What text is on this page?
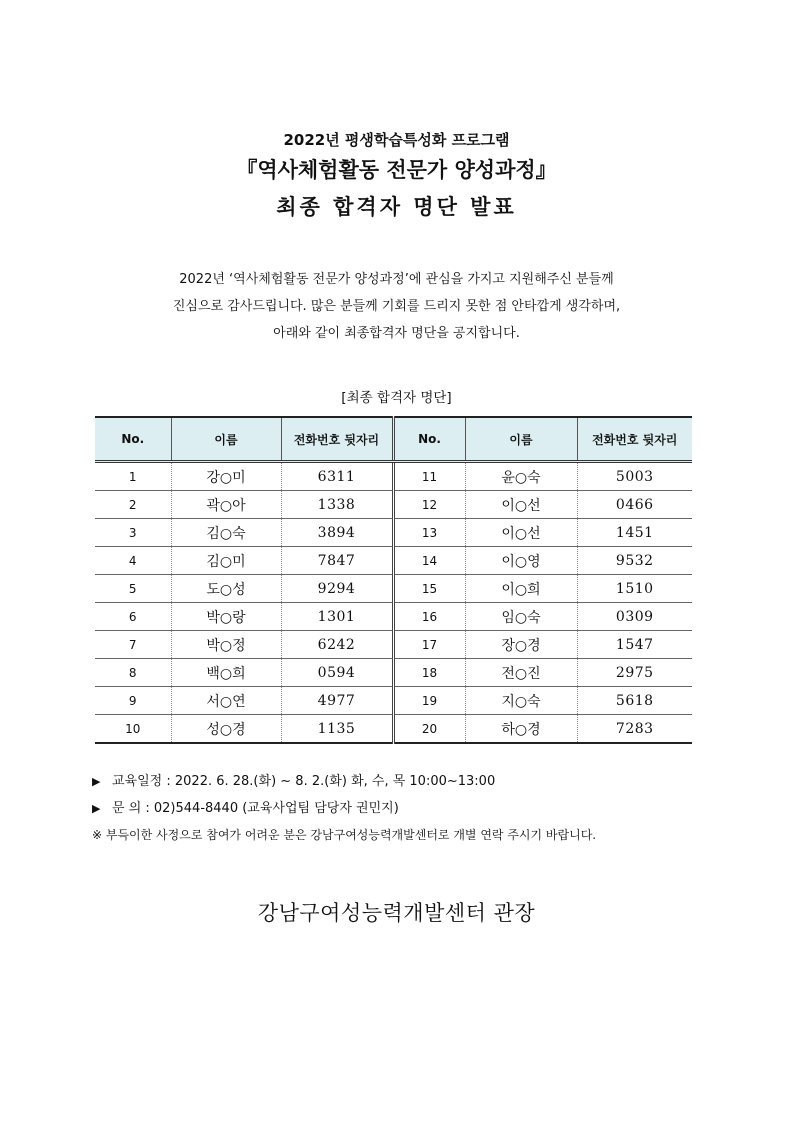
2022년 평생학습특성화 프로그램
『역사체험활동 전문가 양성과정』
최종 합격자 명단 발표
2022년 ‘역사체험활동 전문가 양성과정’에 관심을 가지고 지원해주신 분들께
진심으로 감사드립니다. 많은 분들께 기회를 드리지 못한 점 안타깝게 생각하며,
아래와 같이 최종합격자 명단을 공지합니다.
[최종 합격자 명단]
No.	이름	전화번호 뒷자리	No.	이름	전화번호 뒷자리
1	강○미	6311	11	윤○숙	5003
2	곽○아	1338	12	이○선	0466
3	김○숙	3894	13	이○선	1451
4	김○미	7847	14	이○영	9532
5	도○성	9294	15	이○희	1510
6	박○랑	1301	16	임○숙	0309
7	박○정	6242	17	장○경	1547
8	백○희	0594	18	전○진	2975
9	서○연	4977	19	지○숙	5618
10	성○경	1135	20	하○경	7283
▶ 교육일정 : 2022. 6. 28.(화) ~ 8. 2.(화) 화, 수, 목 10:00~13:00
▶ 문 의 : 02)544-8440 (교육사업팀 담당자 권민지)
※ 부득이한 사정으로 참여가 어려운 분은 강남구여성능력개발센터로 개별 연락 주시기 바랍니다.
강남구여성능력개발센터 관장
